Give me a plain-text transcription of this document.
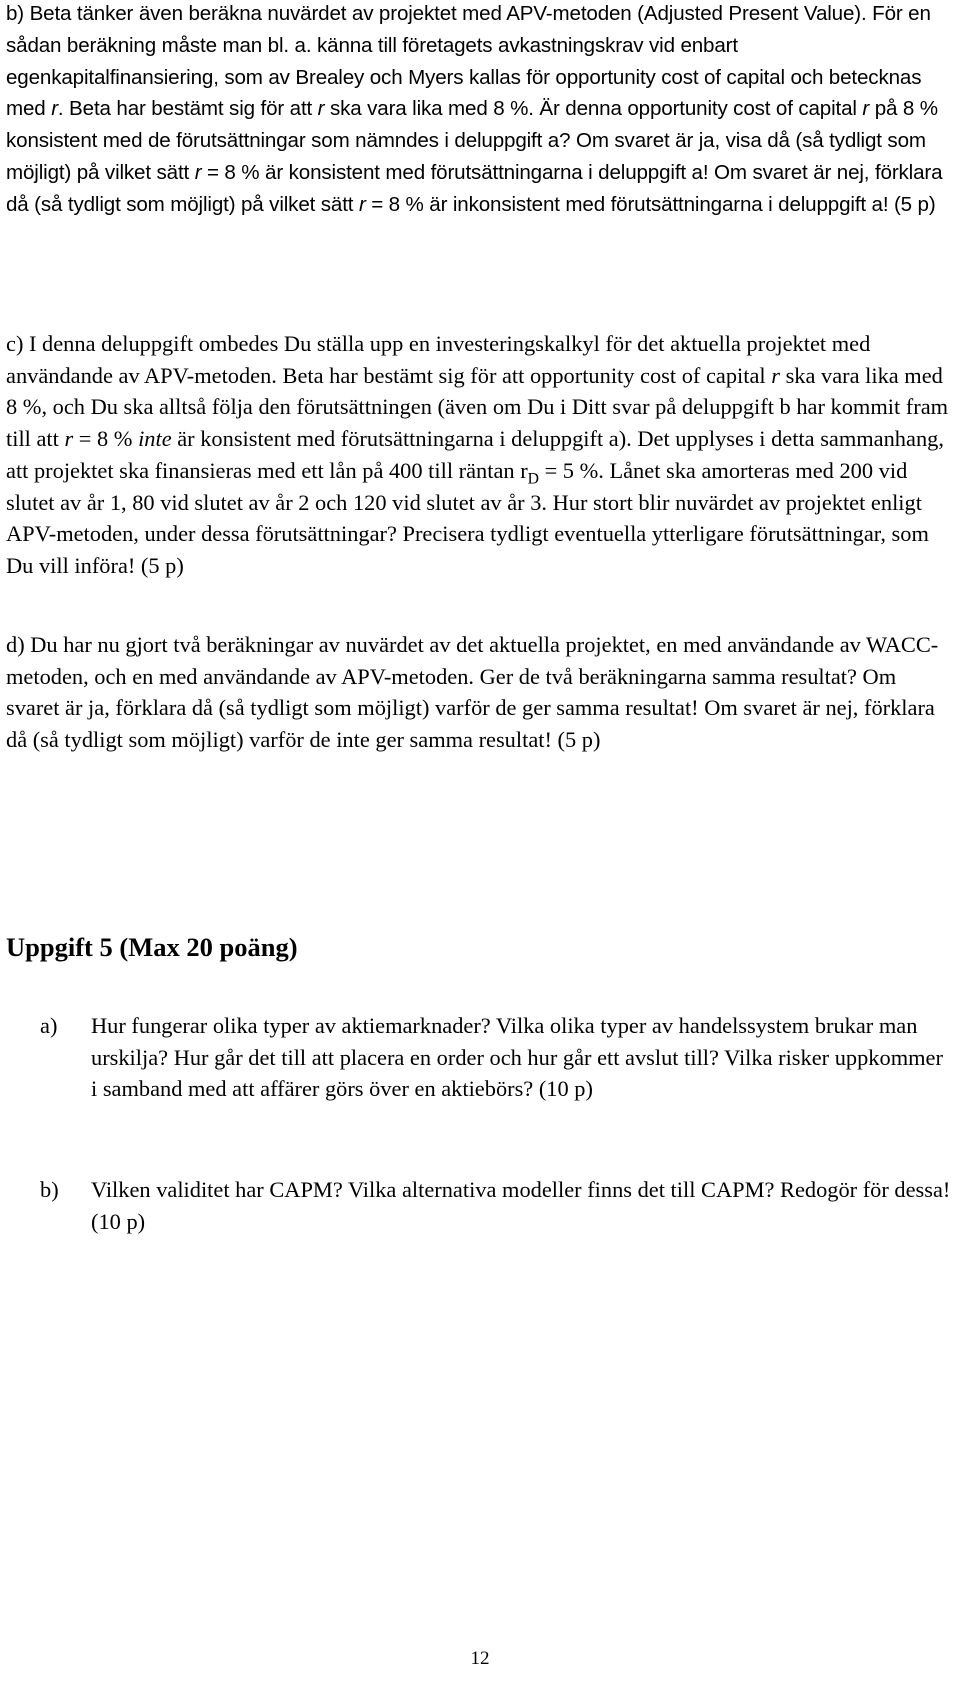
b) Beta tänker även beräkna nuvärdet av projektet med APV-metoden (Adjusted Present Value). För en sådan beräkning måste man bl. a. känna till företagets avkastningskrav vid enbart egenkapitalfinansiering, som av Brealey och Myers kallas för opportunity cost of capital och betecknas med r. Beta har bestämt sig för att r ska vara lika med 8 %. Är denna opportunity cost of capital r på 8 % konsistent med de förutsättningar som nämndes i deluppgift a? Om svaret är ja, visa då (så tydligt som möjligt) på vilket sätt r = 8 % är konsistent med förutsättningarna i deluppgift a! Om svaret är nej, förklara då (så tydligt som möjligt) på vilket sätt r = 8 % är inkonsistent med förutsättningarna i deluppgift a! (5 p)

c) I denna deluppgift ombedes Du ställa upp en investeringskalkyl för det aktuella projektet med användande av APV-metoden. Beta har bestämt sig för att opportunity cost of capital r ska vara lika med 8 %, och Du ska alltså följa den förutsättningen (även om Du i Ditt svar på deluppgift b har kommit fram till att r = 8 % inte är konsistent med förutsättningarna i deluppgift a). Det upplyses i detta sammanhang, att projektet ska finansieras med ett lån på 400 till räntan $r_D = 5$ %. Lånet ska amorteras med 200 vid slutet av år 1, 80 vid slutet av år 2 och 120 vid slutet av år 3. Hur stort blir nuvärdet av projektet enligt APV-metoden, under dessa förutsättningar? Precisera tydligt eventuella ytterligare förutsättningar, som Du vill införa! (5 p)

d) Du har nu gjort två beräkningar av nuvärdet av det aktuella projektet, en med användande av WACC-metoden, och en med användande av APV-metoden. Ger de två beräkningarna samma resultat? Om svaret är ja, förklara då (så tydligt som möjligt) varför de ger samma resultat! Om svaret är nej, förklara då (så tydligt som möjligt) varför de inte ger samma resultat! (5 p)

Uppgift 5 (Max 20 poäng)
a) Hur fungerar olika typer av aktiemarknader? Vilka olika typer av handelssystem brukar man urskilja? Hur går det till att placera en order och hur går ett avslut till? Vilka risker uppkommer i samband med att affärer görs över en aktiebörs? (10 p)

b) Vilken validitet har CAPM? Vilka alternativa modeller finns det till CAPM? Redogör för dessa! (10 p)

12
